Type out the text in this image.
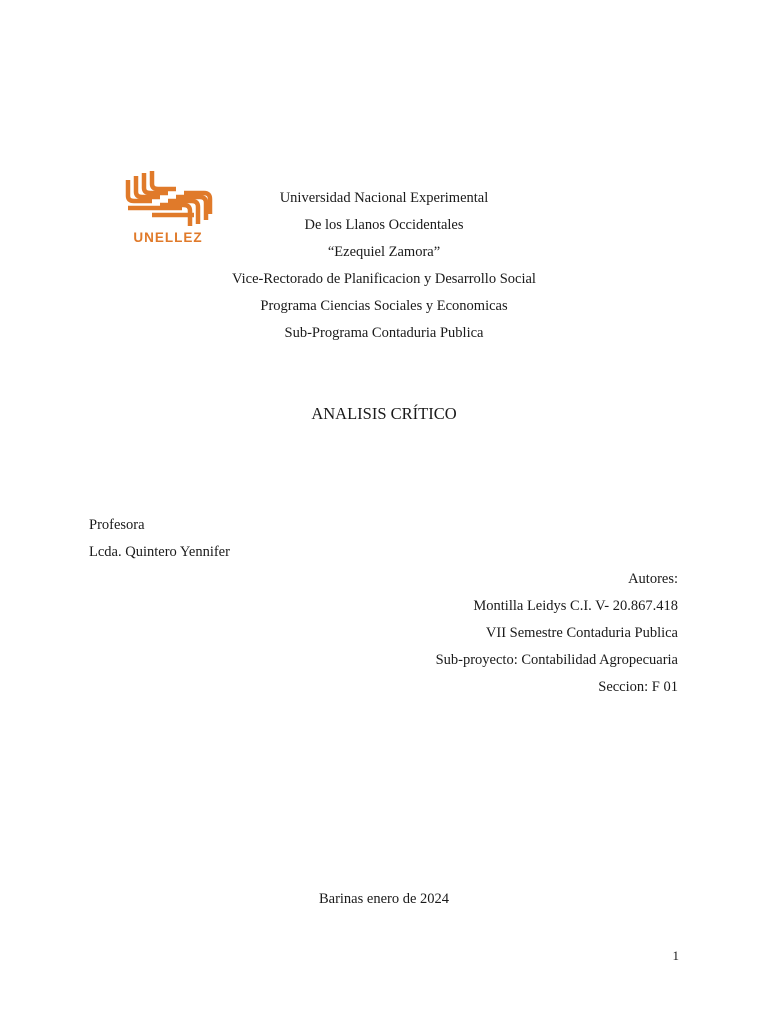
UNELLEZ
Universidad Nacional Experimental
De los Llanos Occidentales
“Ezequiel Zamora”
Vice-Rectorado de Planificacion y Desarrollo Social
Programa Ciencias Sociales y Economicas
Sub-Programa Contaduria Publica
ANALISIS CRÍTICO
Profesora
Lcda. Quintero Yennifer
Autores:
Montilla Leidys C.I. V- 20.867.418
VII Semestre Contaduria Publica
Sub-proyecto: Contabilidad Agropecuaria
Seccion: F 01
Barinas enero de 2024
1
